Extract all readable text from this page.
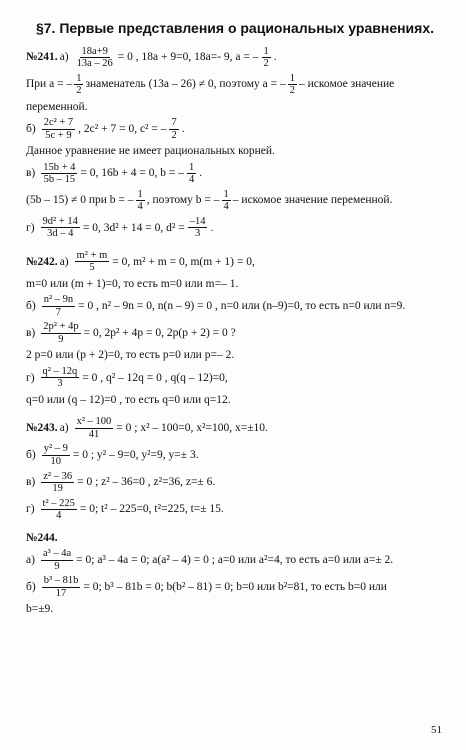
§7. Первые представления о рациональных уравнениях.
№241. $а) \frac{18a+9}{13a - 26} = 0$ , 18a + 9=0, 18a=- 9, a = – $\frac{1}{2}$ .
При a = – $\frac{1}{2}$ знаменатель (13a – 26) ≠ 0, поэтому a = – $\frac{1}{2}$ – искомое значение
переменной.
$б) \frac{\text{2c² + 7}}{5c + 9}$ , 2c² + 7 = 0, c² = – $\frac{7}{2}$ .
Данное уравнение не имеет рациональных корней.
$в) \frac{15b + 4}{5b - 15} = 0$, 16b + 4 = 0, b = – $\frac{1}{4}$ .
(5b – 15) ≠ 0 при b = – $\frac{1}{4}$ , поэтому b = – $\frac{1}{4}$ – искомое значение переменной.
$г) \frac{\text{9d² + 14}}{3d - 4} = 0$, 3d² + 14 = 0, $d^2 = \frac{-14}{3}$ .
№242. $а) \frac{\text{m² + m}}{5} = 0$, m² + m = 0, m(m + 1) = 0,
m=0 или (m + 1)=0, то есть m=0 или m=– 1.
$б) \frac{\text{n² – 9n}}{7} = 0$ , n² – 9n = 0, n(n – 9) = 0 , n=0 или (n–9)=0, то есть n=0 или n=9.
$в) \frac{\text{2p² + 4p}}{9} = 0$, 2p² + 4p = 0, 2p(p + 2) = 0 ?
2 p=0 или (p + 2)=0, то есть p=0 или p=– 2.
$г) \frac{\text{q² – 12q}}{3} = 0$ , q² – 12q = 0 , q(q – 12)=0,
q=0 или (q – 12)=0 , то есть q=0 или q=12.
№243. $а) \frac{\text{x² – 100}}{41} = 0$ ; x² – 100=0, x²=100, x=±10.
$б) \frac{\text{y² – 9}}{10} = 0$ ; y² – 9=0, y²=9, y=± 3.
$в) \frac{\text{z² – 36}}{19} = 0$ ; z² – 36=0 , z²=36, z=± 6.
$г) \frac{\text{t² – 225}}{4} = 0$; t² – 225=0, t²=225, t=± 15.
№244.
$а) \frac{\text{a³ – 4a}}{9} = 0$; a³ – 4a = 0; a(a² – 4) = 0 ; a=0 или a²=4, то есть a=0 или a=± 2.
$б) \frac{\text{b³ – 81b}}{17} = 0$; b³ – 81b = 0; b(b² – 81) = 0; b=0 или b²=81, то есть b=0 или
b=±9.
51
